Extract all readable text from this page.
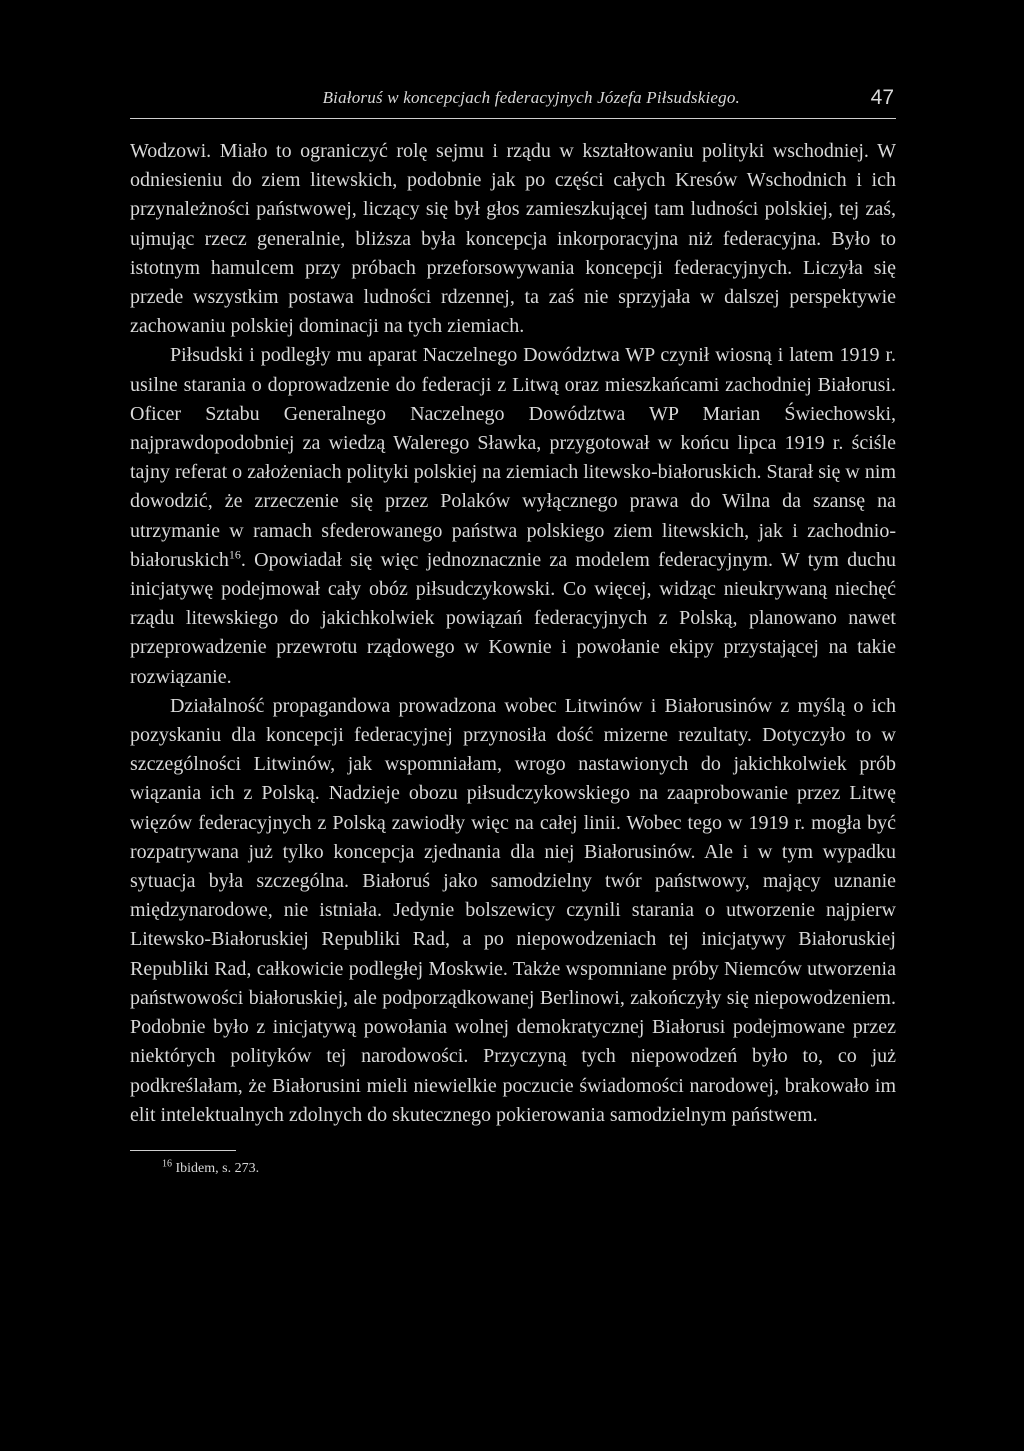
Białoruś w koncepcjach federacyjnych Józefa Piłsudskiego.	47

Wodzowi. Miało to ograniczyć rolę sejmu i rządu w kształtowaniu polityki wschodniej. W odniesieniu do ziem litewskich, podobnie jak po części całych Kresów Wschodnich i ich przynależności państwowej, liczący się był głos zamieszkującej tam ludności polskiej, tej zaś, ujmując rzecz generalnie, bliższa była koncepcja inkorporacyjna niż federacyjna. Było to istotnym hamulcem przy próbach przeforsowywania koncepcji federacyjnych. Liczyła się przede wszystkim postawa ludności rdzennej, ta zaś nie sprzyjała w dalszej perspektywie zachowaniu polskiej dominacji na tych ziemiach.

Piłsudski i podległy mu aparat Naczelnego Dowództwa WP czynił wiosną i latem 1919 r. usilne starania o doprowadzenie do federacji z Litwą oraz mieszkańcami zachodniej Białorusi. Oficer Sztabu Generalnego Naczelnego Dowództwa WP Marian Świechowski, najprawdopodobniej za wiedzą Walerego Sławka, przygotował w końcu lipca 1919 r. ściśle tajny referat o założeniach polityki polskiej na ziemiach litewsko-białoruskich. Starał się w nim dowodzić, że zrzeczenie się przez Polaków wyłącznego prawa do Wilna da szansę na utrzymanie w ramach sfederowanego państwa polskiego ziem litewskich, jak i zachodnio-białoruskich$^{16}$. Opowiadał się więc jednoznacznie za modelem federacyjnym. W tym duchu inicjatywę podejmował cały obóz piłsudczykowski. Co więcej, widząc nieukrywaną niechęć rządu litewskiego do jakichkolwiek powiązań federacyjnych z Polską, planowano nawet przeprowadzenie przewrotu rządowego w Kownie i powołanie ekipy przystającej na takie rozwiązanie.

Działalność propagandowa prowadzona wobec Litwinów i Białorusinów z myślą o ich pozyskaniu dla koncepcji federacyjnej przynosiła dość mizerne rezultaty. Dotyczyło to w szczególności Litwinów, jak wspomniałam, wrogo nastawionych do jakichkolwiek prób wiązania ich z Polską. Nadzieje obozu piłsudczykowskiego na zaaprobowanie przez Litwę więzów federacyjnych z Polską zawiodły więc na całej linii. Wobec tego w 1919 r. mogła być rozpatrywana już tylko koncepcja zjednania dla niej Białorusinów. Ale i w tym wypadku sytuacja była szczególna. Białoruś jako samodzielny twór państwowy, mający uznanie międzynarodowe, nie istniała. Jedynie bolszewicy czynili starania o utworzenie najpierw Litewsko-Białoruskiej Republiki Rad, a po niepowodzeniach tej inicjatywy Białoruskiej Republiki Rad, całkowicie podległej Moskwie. Także wspomniane próby Niemców utworzenia państwowości białoruskiej, ale podporządkowanej Berlinowi, zakończyły się niepowodzeniem. Podobnie było z inicjatywą powołania wolnej demokratycznej Białorusi podejmowane przez niektórych polityków tej narodowości. Przyczyną tych niepowodzeń było to, co już podkreślałam, że Białorusini mieli niewielkie poczucie świadomości narodowej, brakowało im elit intelektualnych zdolnych do skutecznego pokierowania samodzielnym państwem.

$^{16}$ Ibidem, s. 273.
